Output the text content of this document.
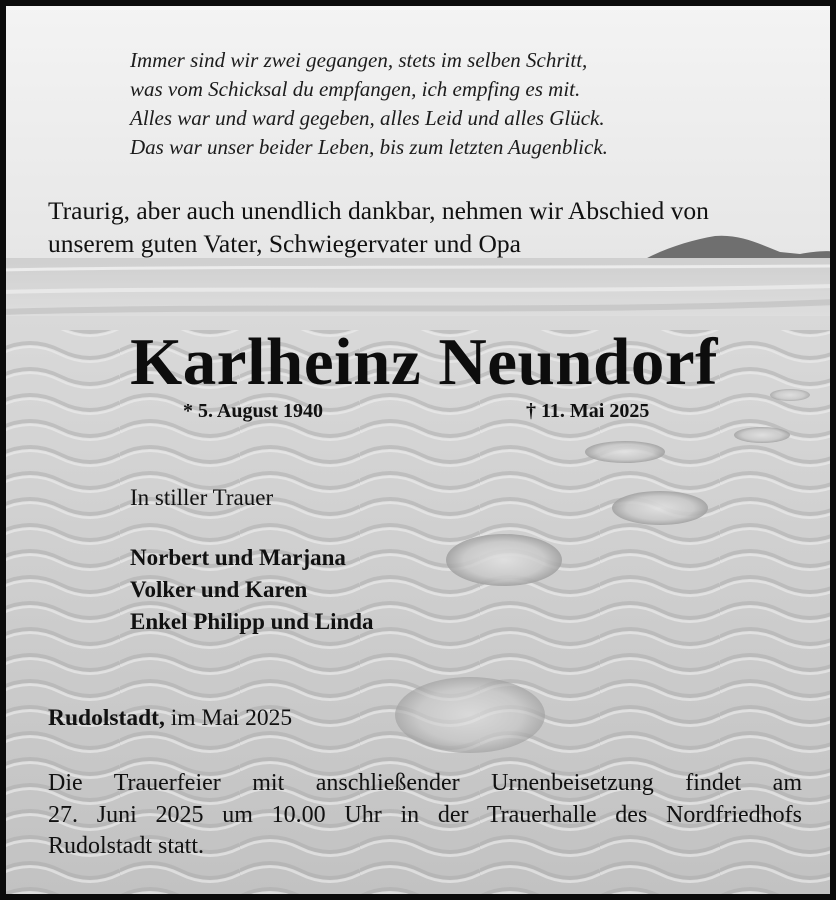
Immer sind wir zwei gegangen, stets im selben Schritt,
was vom Schicksal du empfangen, ich empfing es mit.
Alles war und ward gegeben, alles Leid und alles Glück.
Das war unser beider Leben, bis zum letzten Augenblick.
Traurig, aber auch unendlich dankbar, nehmen wir Abschied von
unserem guten Vater, Schwiegervater und Opa
Karlheinz Neundorf
* 5. August 1940	† 11. Mai 2025
In stiller Trauer
Norbert und Marjana
Volker und Karen
Enkel Philipp und Linda
Rudolstadt, im Mai 2025
Die Trauerfeier mit anschließender Urnenbeisetzung findet am
27. Juni 2025 um 10.00 Uhr in der Trauerhalle des Nordfriedhofs
Rudolstadt statt.
